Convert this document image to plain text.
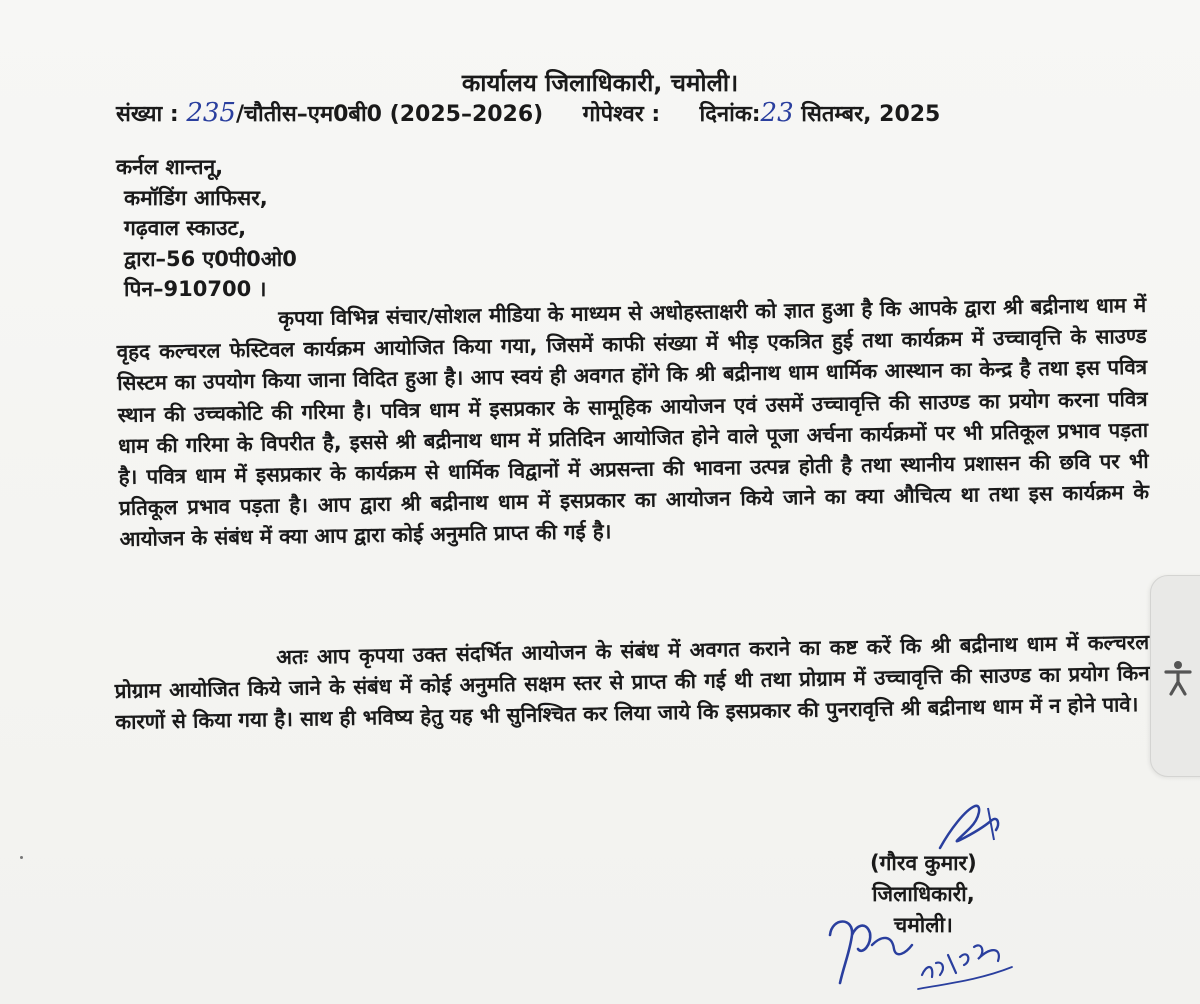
कार्यालय जिलाधिकारी, चमोली।
संख्या : 235/चौतीस–एम0बी0 (2025–2026) गोपेश्वर : दिनांक:23 सितम्बर, 2025
कर्नल शान्तनू,
कमॉडिंग आफिसर,
गढ़वाल स्काउट,
द्वारा–56 ए0पी0ओ0
पिन–910700 ।
कृपया विभिन्न संचार/सोशल मीडिया के माध्यम से अधोहस्ताक्षरी को ज्ञात हुआ है कि आपके द्वारा श्री बद्रीनाथ धाम में वृहद कल्चरल फेस्टिवल कार्यक्रम आयोजित किया गया, जिसमें काफी संख्या में भीड़ एकत्रित हुई तथा कार्यक्रम में उच्चावृत्ति के साउण्ड सिस्टम का उपयोग किया जाना विदित हुआ है। आप स्वयं ही अवगत होंगे कि श्री बद्रीनाथ धाम धार्मिक आस्थान का केन्द्र है तथा इस पवित्र स्थान की उच्चकोटि की गरिमा है। पवित्र धाम में इसप्रकार के सामूहिक आयोजन एवं उसमें उच्चावृत्ति की साउण्ड का प्रयोग करना पवित्र धाम की गरिमा के विपरीत है, इससे श्री बद्रीनाथ धाम में प्रतिदिन आयोजित होने वाले पूजा अर्चना कार्यक्रमों पर भी प्रतिकूल प्रभाव पड़ता है। पवित्र धाम में इसप्रकार के कार्यक्रम से धार्मिक विद्वानों में अप्रसन्ता की भावना उत्पन्न होती है तथा स्थानीय प्रशासन की छवि पर भी प्रतिकूल प्रभाव पड़ता है। आप द्वारा श्री बद्रीनाथ धाम में इसप्रकार का आयोजन किये जाने का क्या औचित्य था तथा इस कार्यक्रम के आयोजन के संबंध में क्या आप द्वारा कोई अनुमति प्राप्त की गई है।
अतः आप कृपया उक्त संदर्भित आयोजन के संबंध में अवगत कराने का कष्ट करें कि श्री बद्रीनाथ धाम में कल्चरल प्रोग्राम आयोजित किये जाने के संबंध में कोई अनुमति सक्षम स्तर से प्राप्त की गई थी तथा प्रोग्राम में उच्चावृत्ति की साउण्ड का प्रयोग किन कारणों से किया गया है। साथ ही भविष्य हेतु यह भी सुनिश्चित कर लिया जाये कि इसप्रकार की पुनरावृत्ति श्री बद्रीनाथ धाम में न होने पावे।
(गौरव कुमार)
जिलाधिकारी,
चमोली।
